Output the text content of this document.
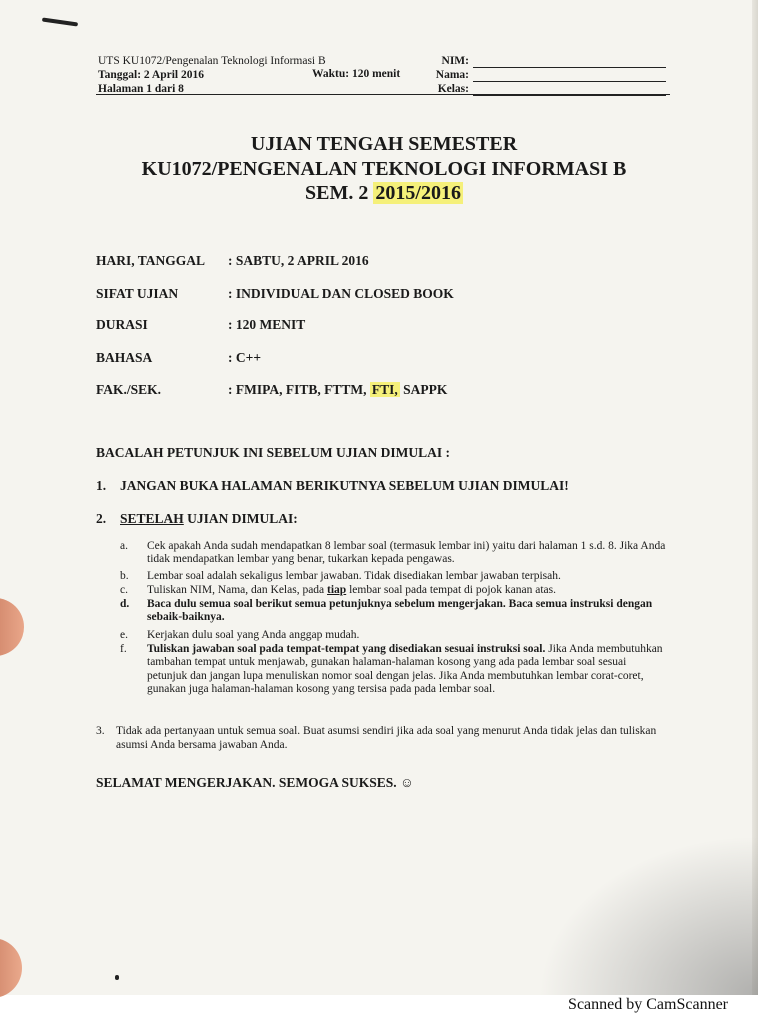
UTS KU1072/Pengenalan Teknologi Informasi B
Tanggal: 2 April 2016
Halaman 1 dari 8
Waktu: 120 menit
NIM:
Nama:
Kelas:
UJIAN TENGAH SEMESTER
KU1072/PENGENALAN TEKNOLOGI INFORMASI B
SEM. 2 2015/2016
HARI, TANGGAL	: SABTU, 2 APRIL 2016
SIFAT UJIAN	: INDIVIDUAL DAN CLOSED BOOK
DURASI	: 120 MENIT
BAHASA	: C++
FAK./SEK.	: FMIPA, FITB, FTTM, FTI, SAPPK
BACALAH PETUNJUK INI SEBELUM UJIAN DIMULAI :
1. JANGAN BUKA HALAMAN BERIKUTNYA SEBELUM UJIAN DIMULAI!
2. SETELAH UJIAN DIMULAI:
a. Cek apakah Anda sudah mendapatkan 8 lembar soal (termasuk lembar ini) yaitu dari halaman 1 s.d. 8. Jika Anda tidak mendapatkan lembar yang benar, tukarkan kepada pengawas.
b. Lembar soal adalah sekaligus lembar jawaban. Tidak disediakan lembar jawaban terpisah.
c. Tuliskan NIM, Nama, dan Kelas, pada tiap lembar soal pada tempat di pojok kanan atas.
d. Baca dulu semua soal berikut semua petunjuknya sebelum mengerjakan. Baca semua instruksi dengan sebaik-baiknya.
e. Kerjakan dulu soal yang Anda anggap mudah.
f. Tuliskan jawaban soal pada tempat-tempat yang disediakan sesuai instruksi soal. Jika Anda membutuhkan tambahan tempat untuk menjawab, gunakan halaman-halaman kosong yang ada pada lembar soal sesuai petunjuk dan jangan lupa menuliskan nomor soal dengan jelas. Jika Anda membutuhkan lembar corat-coret, gunakan juga halaman-halaman kosong yang tersisa pada pada lembar soal.
3. Tidak ada pertanyaan untuk semua soal. Buat asumsi sendiri jika ada soal yang menurut Anda tidak jelas dan tuliskan asumsi Anda bersama jawaban Anda.
SELAMAT MENGERJAKAN. SEMOGA SUKSES. ☺
Scanned by CamScanner
